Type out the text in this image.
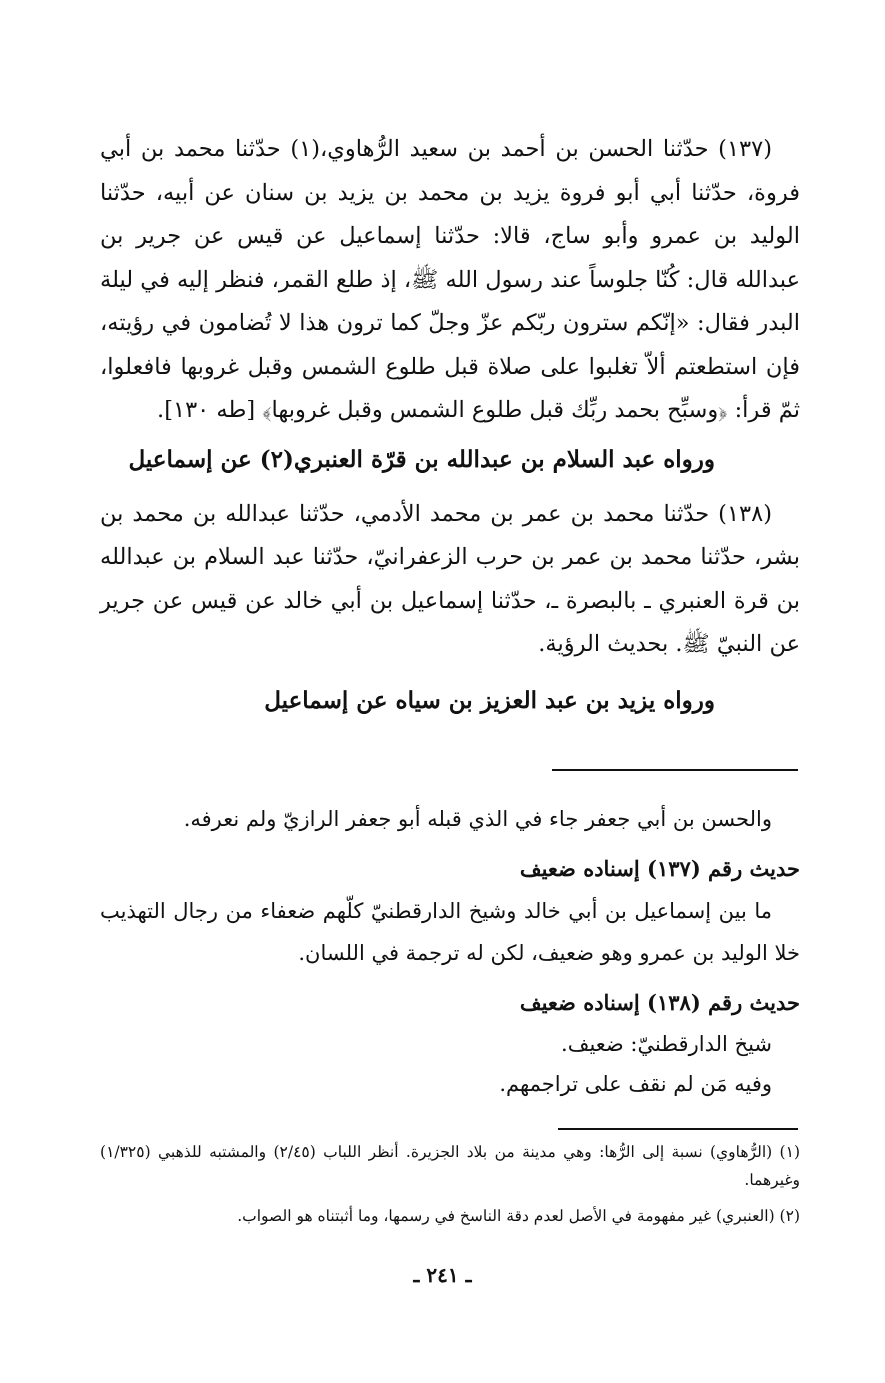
(١٣٧) حدّثنا الحسن بن أحمد بن سعيد الرُّهاوي،(١) حدّثنا محمد بن أبي فروة، حدّثنا أبي أبو فروة يزيد بن محمد بن يزيد بن سنان عن أبيه، حدّثنا الوليد بن عمرو وأبو ساج، قالا: حدّثنا إسماعيل عن قيس عن جرير بن عبدالله قال: كُنّا جلوساً عند رسول الله ﷺ، إذ طلع القمر، فنظر إليه في ليلة البدر فقال: «إنّكم سترون ربّكم عزّ وجلّ كما ترون هذا لا تُضامون في رؤيته، فإن استطعتم ألاّ تغلبوا على صلاة قبل طلوع الشمس وقبل غروبها فافعلوا، ثمّ قرأ: ﴿وسبِّح بحمد ربِّك قبل طلوع الشمس وقبل غروبها﴾ [طه ١٣٠].

ورواه عبد السلام بن عبدالله بن قرّة العنبري(٢) عن إسماعيل

(١٣٨) حدّثنا محمد بن عمر بن محمد الأدمي، حدّثنا عبدالله بن محمد بن بشر، حدّثنا محمد بن عمر بن حرب الزعفرانيّ، حدّثنا عبد السلام بن عبدالله بن قرة العنبري ـ بالبصرة ـ، حدّثنا إسماعيل بن أبي خالد عن قيس عن جرير عن النبيّ ﷺ. بحديث الرؤية.

ورواه يزيد بن عبد العزيز بن سياه عن إسماعيل

والحسن بن أبي جعفر جاء في الذي قبله أبو جعفر الرازيّ ولم نعرفه.

حديث رقم (١٣٧) إسناده ضعيف

ما بين إسماعيل بن أبي خالد وشيخ الدارقطنيّ كلّهم ضعفاء من رجال التهذيب خلا الوليد بن عمرو وهو ضعيف، لكن له ترجمة في اللسان.

حديث رقم (١٣٨) إسناده ضعيف

شيخ الدارقطنيّ: ضعيف.

وفيه مَن لم نقف على تراجمهم.

(١) (الرُّهاوي) نسبة إلى الرُّها: وهي مدينة من بلاد الجزيرة. أنظر اللباب (٢/٤٥) والمشتبه للذهبي (١/٣٢٥) وغيرهما.

(٢) (العنبري) غير مفهومة في الأصل لعدم دقة الناسخ في رسمها، وما أثبتناه هو الصواب.

ـ ٢٤١ ـ
